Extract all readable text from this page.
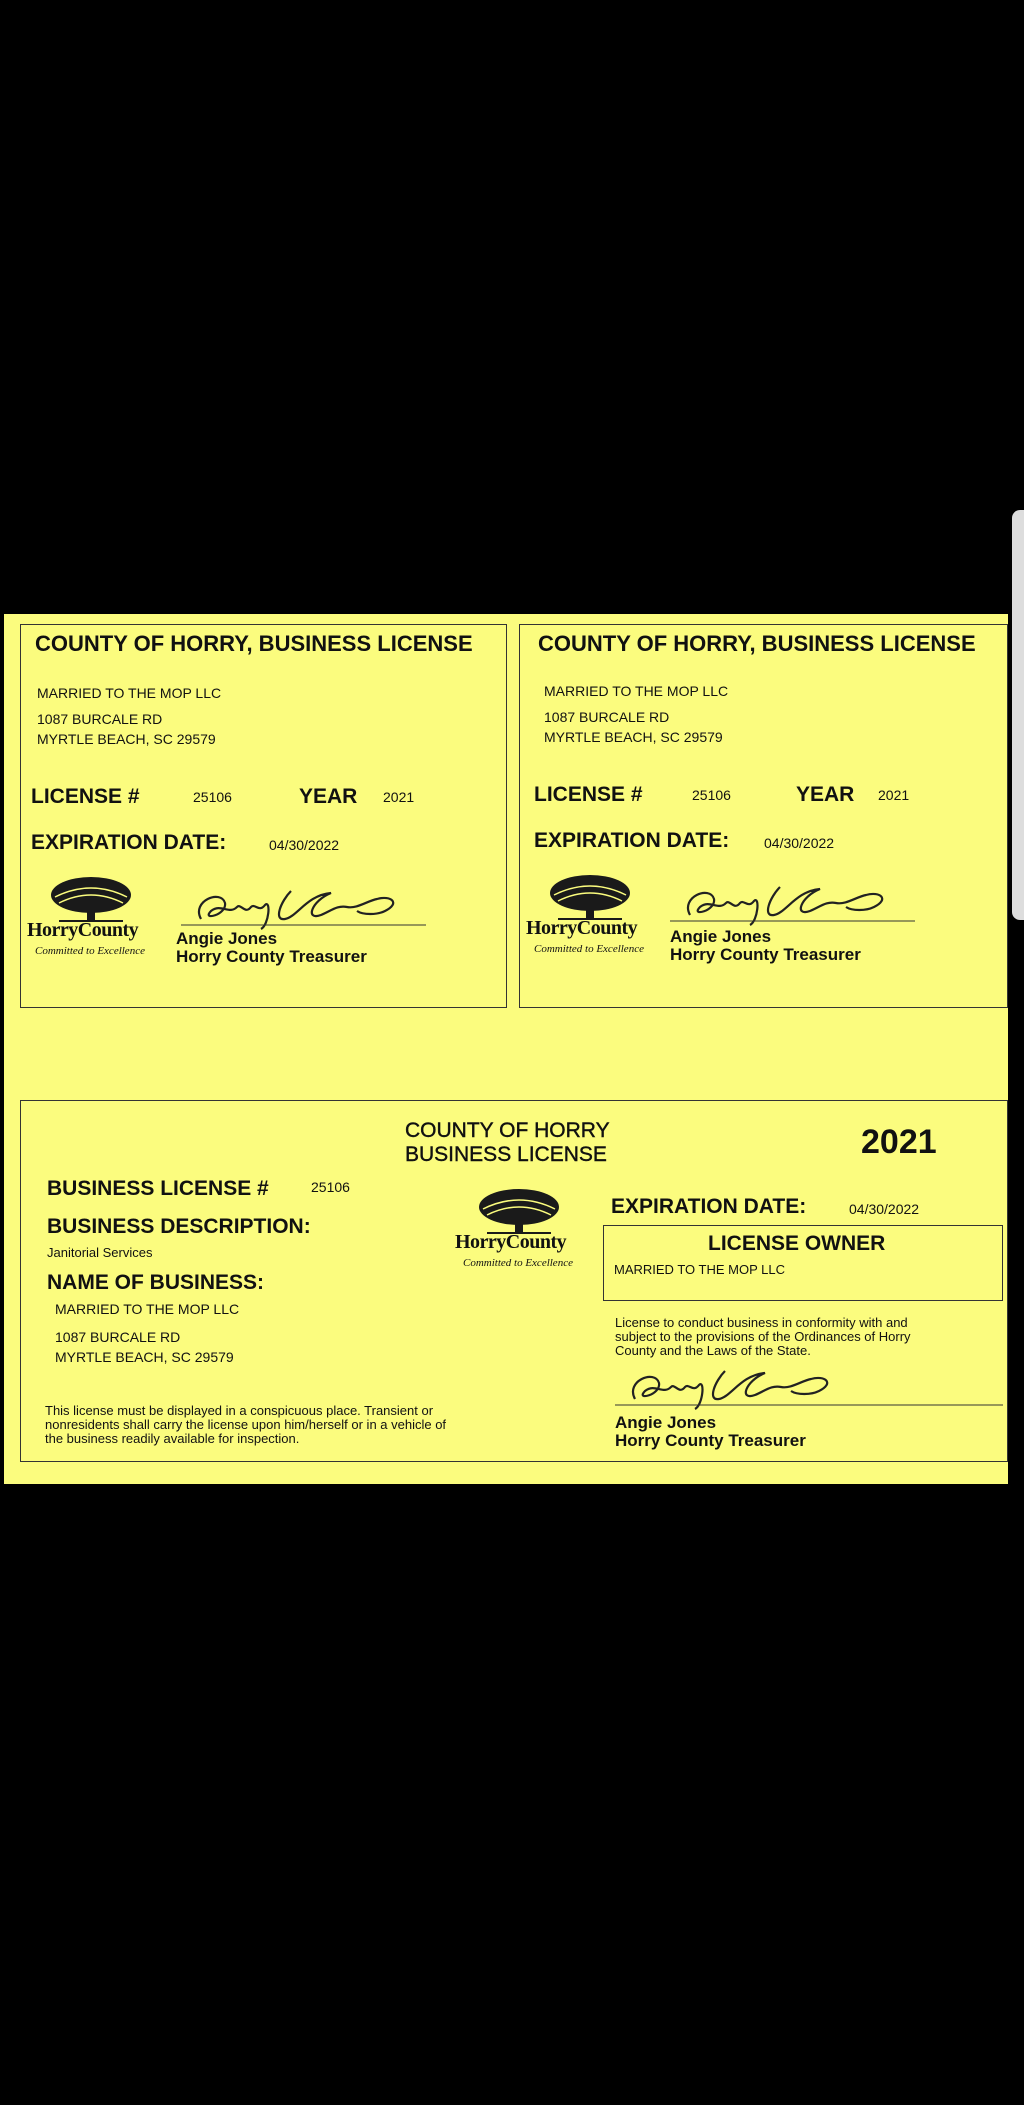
COUNTY OF HORRY, BUSINESS LICENSE
MARRIED TO THE MOP LLC
1087 BURCALE RD
MYRTLE BEACH, SC 29579
LICENSE #	25106	YEAR 2021
EXPIRATION DATE:	04/30/2022
HorryCounty
Committed to Excellence
Angie Jones
Horry County Treasurer
COUNTY OF HORRY, BUSINESS LICENSE
MARRIED TO THE MOP LLC
1087 BURCALE RD
MYRTLE BEACH, SC 29579
LICENSE #	25106	YEAR 2021
EXPIRATION DATE: 04/30/2022
HorryCounty
Committed to Excellence
Angie Jones
Horry County Treasurer
COUNTY OF HORRY
BUSINESS LICENSE	2021
BUSINESS LICENSE #	25106
BUSINESS DESCRIPTION:
Janitorial Services
NAME OF BUSINESS:
MARRIED TO THE MOP LLC
1087 BURCALE RD
MYRTLE BEACH, SC 29579
This license must be displayed in a conspicuous place. Transient or
nonresidents shall carry the license upon him/herself or in a vehicle of
the business readily available for inspection.
HorryCounty
Committed to Excellence
EXPIRATION DATE:	04/30/2022
LICENSE OWNER
MARRIED TO THE MOP LLC
License to conduct business in conformity with and
subject to the provisions of the Ordinances of Horry
County and the Laws of the State.
Angie Jones
Horry County Treasurer
